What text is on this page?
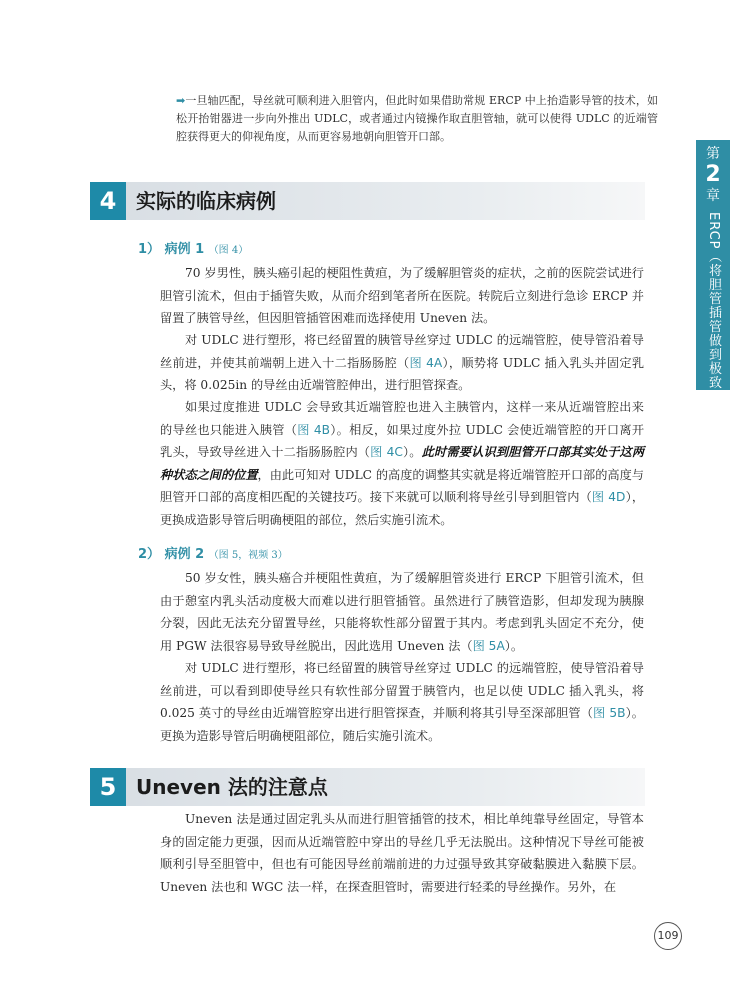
第
2
章
ERCP（将胆管插管做到极致）

➡一旦轴匹配，导丝就可顺利进入胆管内，但此时如果借助常规 ERCP 中上抬造影导管的技术，如松开抬钳器进一步向外推出 UDLC，或者通过内镜操作取直胆管轴，就可以使得 UDLC 的近端管腔获得更大的仰视角度，从而更容易地朝向胆管开口部。

4 实际的临床病例
1） 病例 1 （图 4）

70 岁男性，胰头癌引起的梗阻性黄疸，为了缓解胆管炎的症状，之前的医院尝试进行胆管引流术，但由于插管失败，从而介绍到笔者所在医院。转院后立刻进行急诊 ERCP 并留置了胰管导丝，但因胆管插管困难而选择使用 Uneven 法。

对 UDLC 进行塑形，将已经留置的胰管导丝穿过 UDLC 的远端管腔，使导管沿着导丝前进，并使其前端朝上进入十二指肠肠腔（图 4A），顺势将 UDLC 插入乳头并固定乳头，将 0.025in 的导丝由近端管腔伸出，进行胆管探查。

如果过度推进 UDLC 会导致其近端管腔也进入主胰管内，这样一来从近端管腔出来的导丝也只能进入胰管（图 4B）。相反，如果过度外拉 UDLC 会使近端管腔的开口离开乳头，导致导丝进入十二指肠肠腔内（图 4C）。此时需要认识到胆管开口部其实处于这两种状态之间的位置，由此可知对 UDLC 的高度的调整其实就是将近端管腔开口部的高度与胆管开口部的高度相匹配的关键技巧。接下来就可以顺利将导丝引导到胆管内（图 4D），更换成造影导管后明确梗阻的部位，然后实施引流术。

2） 病例 2 （图 5，视频 3）

50 岁女性，胰头癌合并梗阻性黄疸，为了缓解胆管炎进行 ERCP 下胆管引流术，但由于憩室内乳头活动度极大而难以进行胆管插管。虽然进行了胰管造影，但却发现为胰腺分裂，因此无法充分留置导丝，只能将软性部分留置于其内。考虑到乳头固定不充分，使用 PGW 法很容易导致导丝脱出，因此选用 Uneven 法（图 5A）。

对 UDLC 进行塑形，将已经留置的胰管导丝穿过 UDLC 的远端管腔，使导管沿着导丝前进，可以看到即使导丝只有软性部分留置于胰管内，也足以使 UDLC 插入乳头，将 0.025 英寸的导丝由近端管腔穿出进行胆管探查，并顺利将其引导至深部胆管（图 5B）。更换为造影导管后明确梗阻部位，随后实施引流术。

5 Uneven 法的注意点

Uneven 法是通过固定乳头从而进行胆管插管的技术，相比单纯靠导丝固定，导管本身的固定能力更强，因而从近端管腔中穿出的导丝几乎无法脱出。这种情况下导丝可能被顺利引导至胆管中，但也有可能因导丝前端前进的力过强导致其穿破黏膜进入黏膜下层。Uneven 法也和 WGC 法一样，在探查胆管时，需要进行轻柔的导丝操作。另外，在

109
